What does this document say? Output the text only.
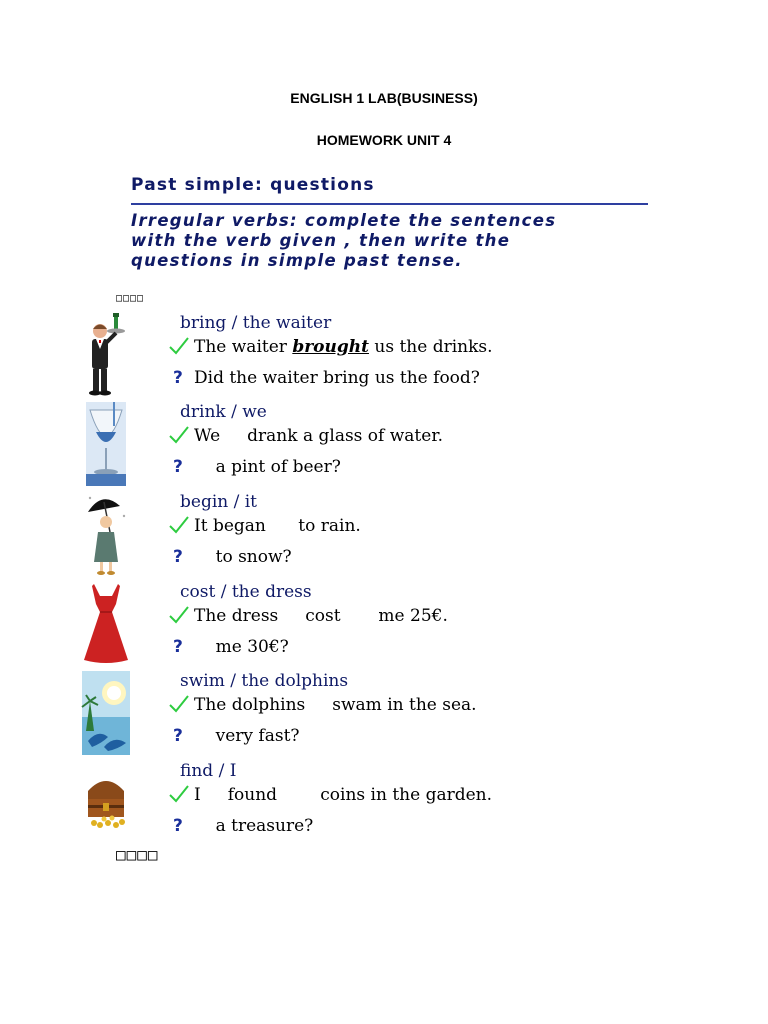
ENGLISH 1 LAB(BUSINESS)
HOMEWORK UNIT 4
Past simple: questions
Irregular verbs: complete the sentences
with the verb given , then write the
questions in simple past tense.
□□□□
bring / the waiter
The waiter brought us the drinks.
? Did the waiter bring us the food?
drink / we
We     drank a glass of water.
? a pint of beer?
begin / it
It began      to rain.
? to snow?
cost / the dress
The dress     cost       me 25€.
? me 30€?
swim / the dolphins
The dolphins     swam in the sea.
? very fast?
find / I
I     found        coins in the garden.
? a treasure?
□□□□
